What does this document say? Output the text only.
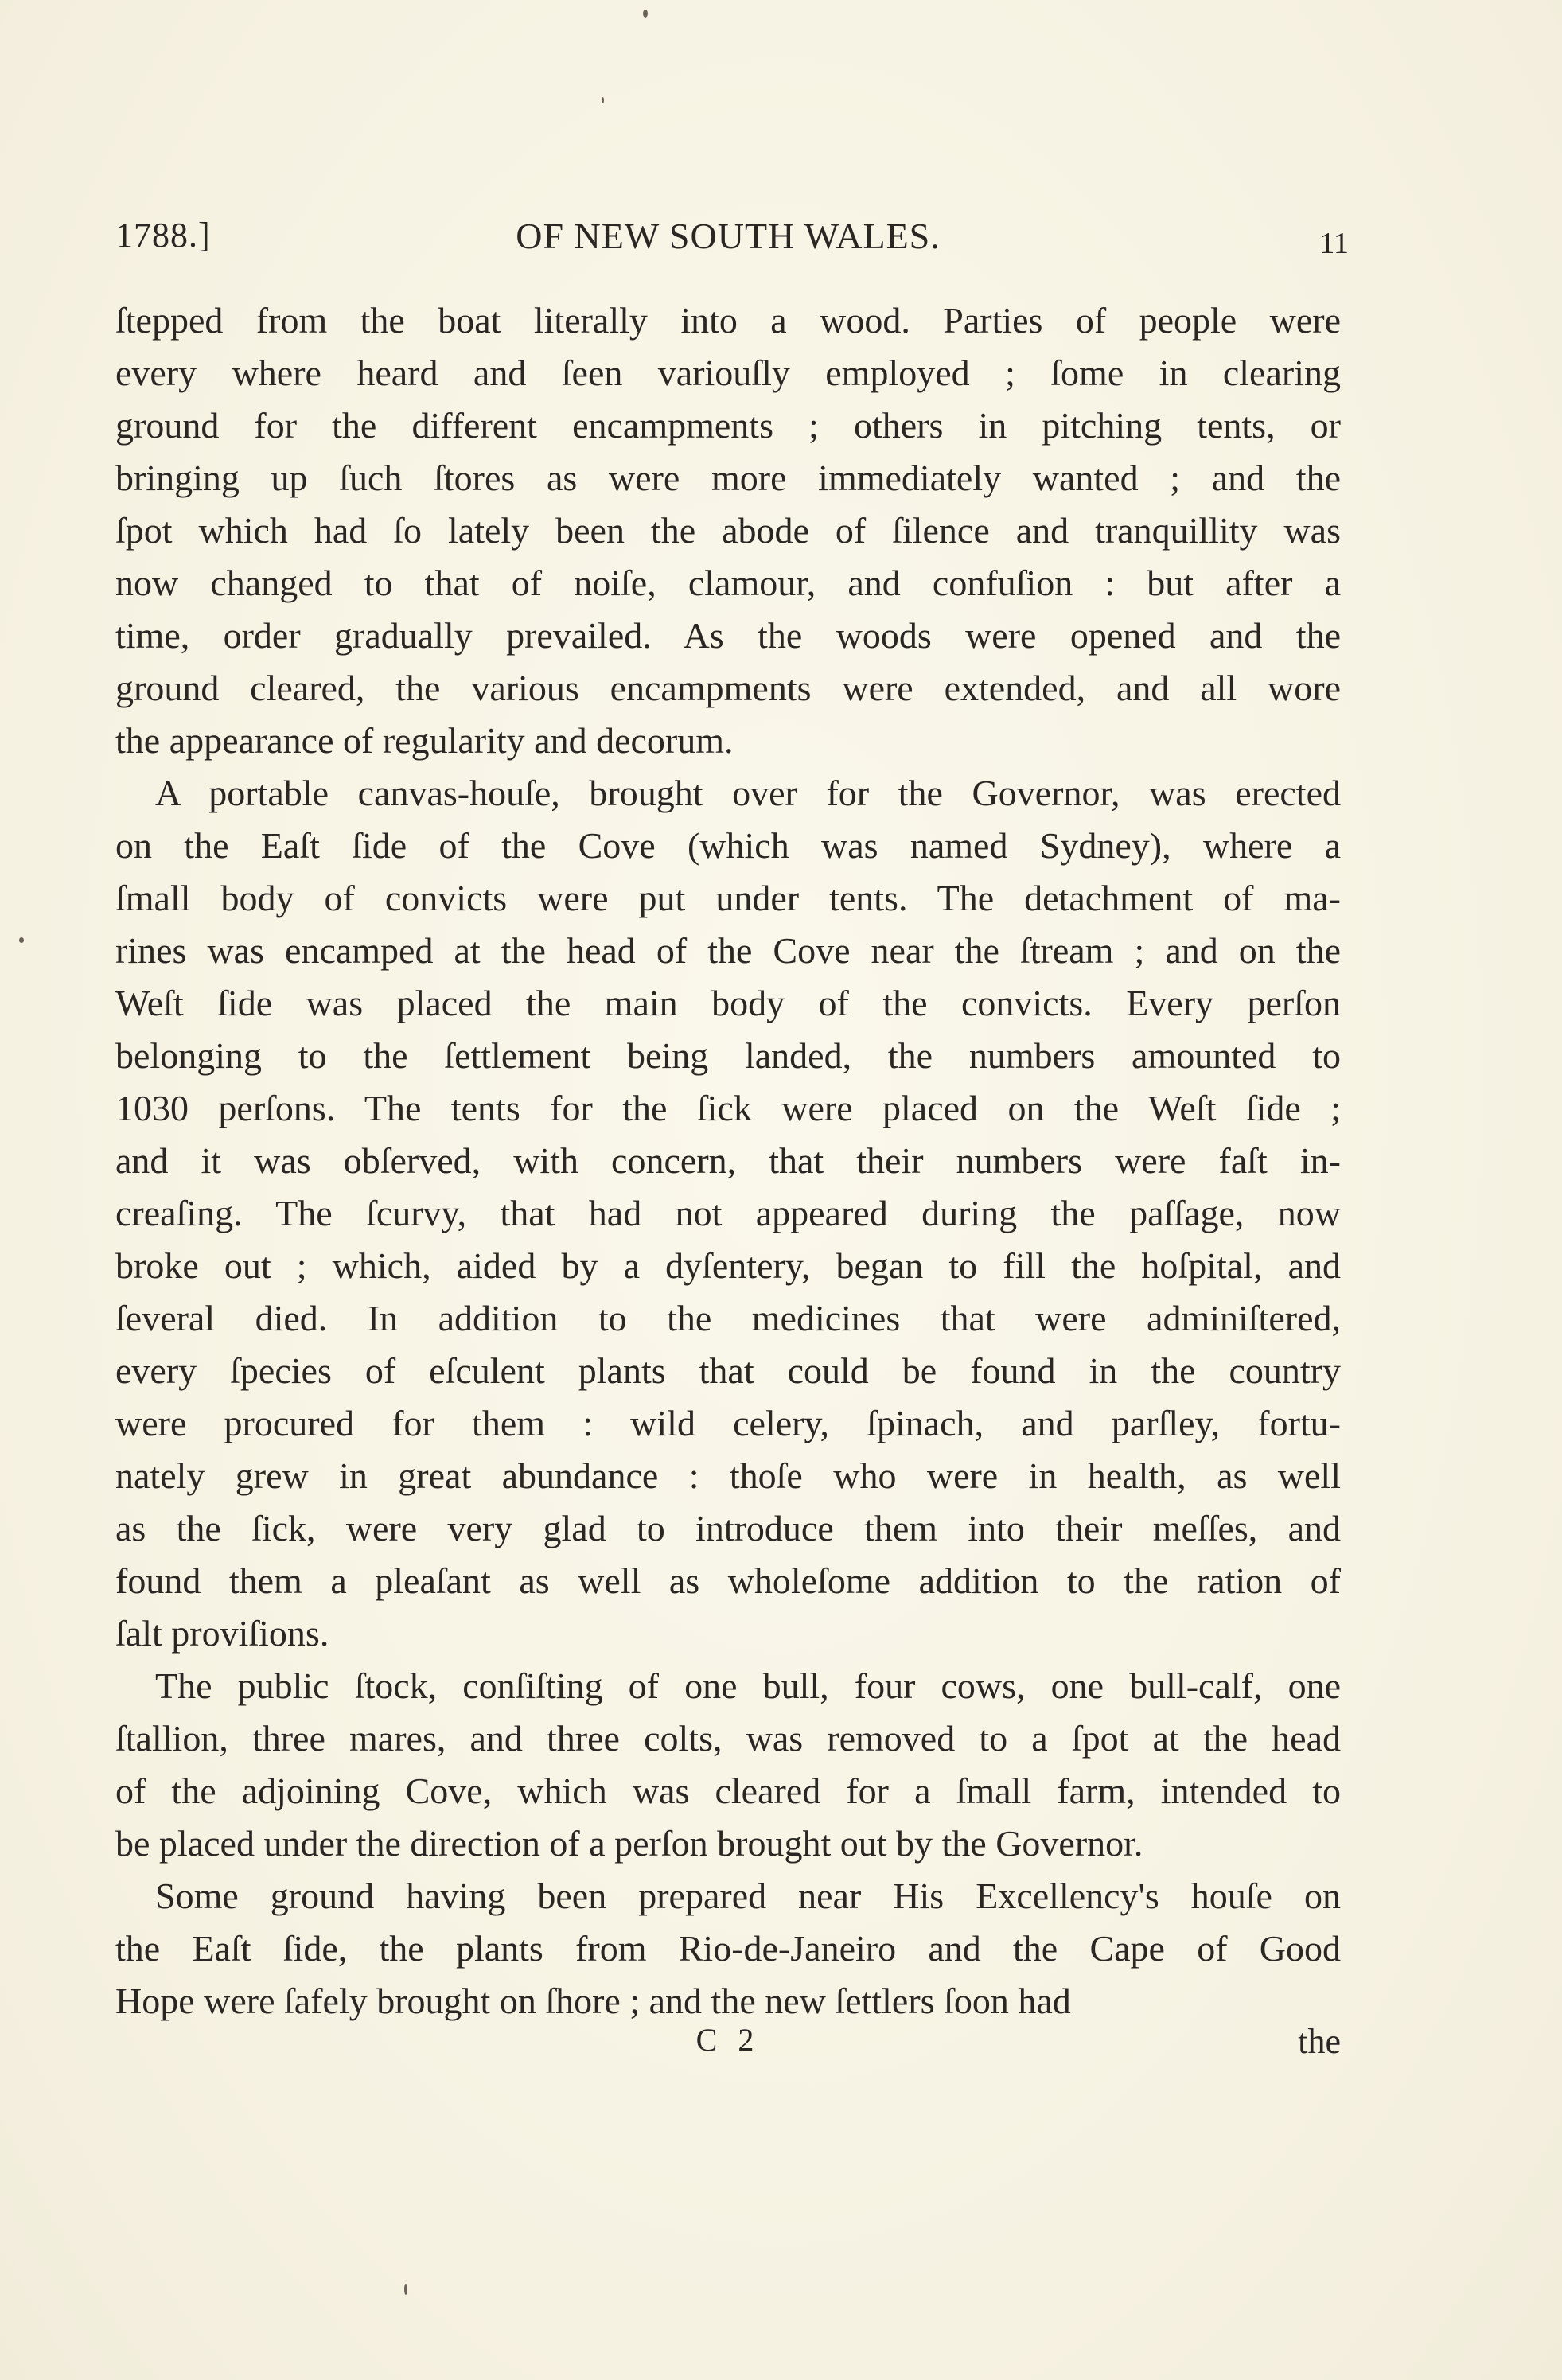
1788.]	OF NEW SOUTH WALES.	11
ſtepped from the boat literally into a wood. Parties of people were
every where heard and ſeen variouſly employed ; ſome in clearing
ground for the different encampments ; others in pitching tents, or
bringing up ſuch ſtores as were more immediately wanted ; and the
ſpot which had ſo lately been the abode of ſilence and tranquillity was
now changed to that of noiſe, clamour, and confuſion : but after a
time, order gradually prevailed. As the woods were opened and the
ground cleared, the various encampments were extended, and all wore
the appearance of regularity and decorum.
A portable canvas-houſe, brought over for the Governor, was erected
on the Eaſt ſide of the Cove (which was named Sydney), where a
ſmall body of convicts were put under tents. The detachment of ma-
rines was encamped at the head of the Cove near the ſtream ; and on the
Weſt ſide was placed the main body of the convicts. Every perſon
belonging to the ſettlement being landed, the numbers amounted to
1030 perſons. The tents for the ſick were placed on the Weſt ſide ;
and it was obſerved, with concern, that their numbers were faſt in-
creaſing. The ſcurvy, that had not appeared during the paſſage, now
broke out ; which, aided by a dyſentery, began to fill the hoſpital, and
ſeveral died. In addition to the medicines that were adminiſtered,
every ſpecies of eſculent plants that could be found in the country
were procured for them : wild celery, ſpinach, and parſley, fortu-
nately grew in great abundance : thoſe who were in health, as well
as the ſick, were very glad to introduce them into their meſſes, and
found them a pleaſant as well as wholeſome addition to the ration of
ſalt proviſions.
The public ſtock, conſiſting of one bull, four cows, one bull-calf, one
ſtallion, three mares, and three colts, was removed to a ſpot at the head
of the adjoining Cove, which was cleared for a ſmall farm, intended to
be placed under the direction of a perſon brought out by the Governor.
Some ground having been prepared near His Excellency's houſe on
the Eaſt ſide, the plants from Rio-de-Janeiro and the Cape of Good
Hope were ſafely brought on ſhore ; and the new ſettlers ſoon had
C 2	the
